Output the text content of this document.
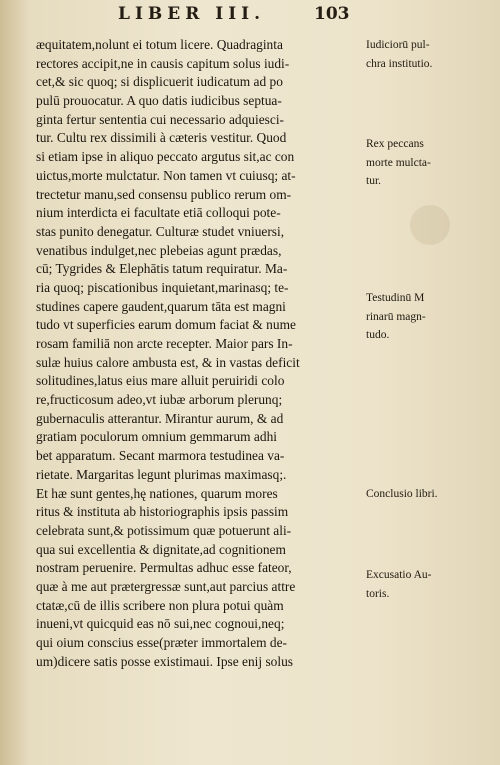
LIBER III.	103
æquitatem,nolunt ei totum licere. Quadraginta
rectores accipit,ne in causis capitum solus iudi-
cet,& sic quoq; si displicuerit iudicatum ad po
pulū prouocatur. A quo datis iudicibus septua-
ginta fertur sententia cui necessario adquiesci-
tur. Cultu rex dissimili à cæteris vestitur. Quod
si etiam ipse in aliquo peccato argutus sit,ac con
uictus,morte mulctatur. Non tamen vt cuiusq; at-
trectetur manu,sed consensu publico rerum om-
nium interdicta ei facultate etiā colloqui pote-
stas punito denegatur. Culturæ studet vniuersi,
venatibus indulget,nec plebeias agunt prædas,
cū; Tygrides & Elephātis tatum requiratur. Ma-
ria quoq; piscationibus inquietant,marinasq; te-
studines capere gaudent,quarum tāta est magni
tudo vt superficies earum domum faciat & nume
rosam familiā non arcte recepter. Maior pars In-
sulæ huius calore ambusta est, & in vastas deficit
solitudines,latus eius mare alluit peruiridi colo
re,fructicosum adeo,vt iubæ arborum plerunq;
gubernaculis atterantur. Mirantur aurum, & ad
gratiam poculorum omnium gemmarum adhi
bet apparatum. Secant marmora testudinea va-
rietate. Margaritas legunt plurimas maximasq;.
Et hæ sunt gentes,hę nationes, quarum mores
ritus & instituta ab historiographis ipsis passim
celebrata sunt,& potissimum quæ potuerunt ali-
qua sui excellentia & dignitate,ad cognitionem
nostram peruenire. Permultas adhuc esse fateor,
quæ à me aut prætergressæ sunt,aut parcius attre
ctatæ,cū de illis scribere non plura potui quàm
inueni,vt quicquid eas nō sui,nec cognoui,neq;
qui oium conscius esse(præter immortalem de-
um)dicere satis posse existimaui. Ipse enij solus
Iudiciorū pul-
chra institutio.
Rex peccans
morte mulcta-
tur.
Testudinū M
rinarū magn-
tudo.
Conclusio libri.
Excusatio Au-
toris.
